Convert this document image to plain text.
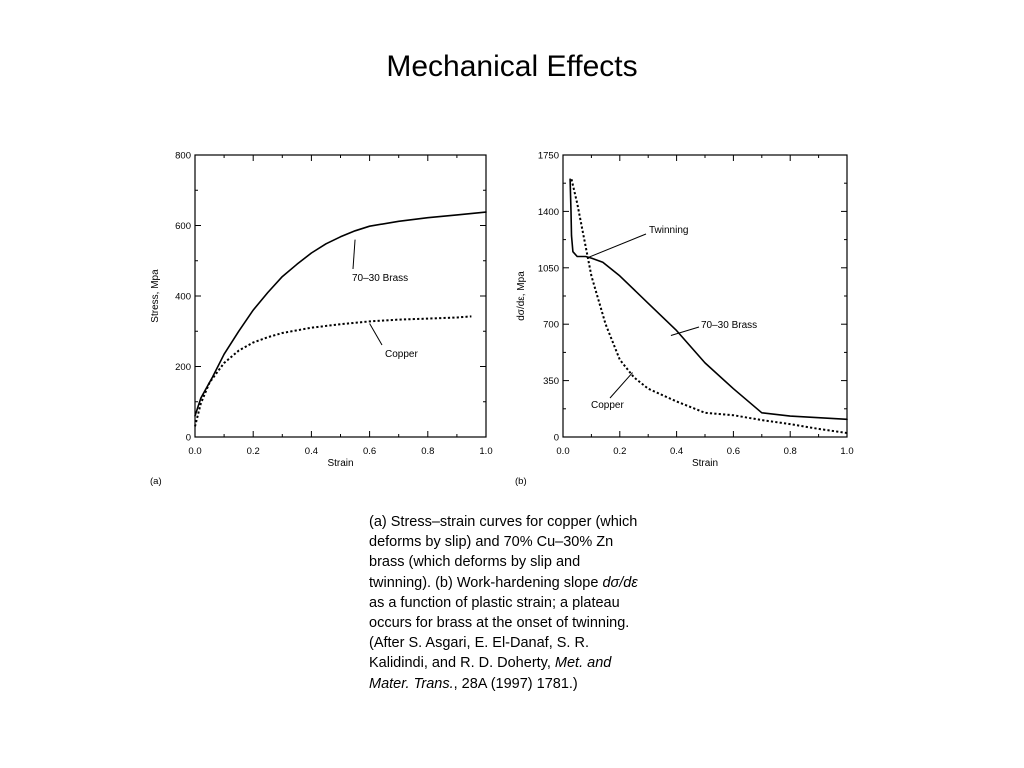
Mechanical Effects
0.0	0.2	0.4	0.6	0.8	1.0
0
200
400
600
800
Strain
Stress, Mpa
(a)
70–30 Brass
Copper
0.0	0.2	0.4	0.6	0.8	1.0
0
350
700
1050
1400
1750
Strain
dσ/dε, Mpa
(b)
Twinning
70–30 Brass
Copper
(a) Stress–strain curves for copper (which deforms by slip) and 70% Cu–30% Zn brass (which deforms by slip and twinning). (b) Work-hardening slope dσ/dε as a function of plastic strain; a plateau occurs for brass at the onset of twinning. (After S. Asgari, E. El-Danaf, S. R. Kalidindi, and R. D. Doherty, Met. and Mater. Trans., 28A (1997) 1781.)
